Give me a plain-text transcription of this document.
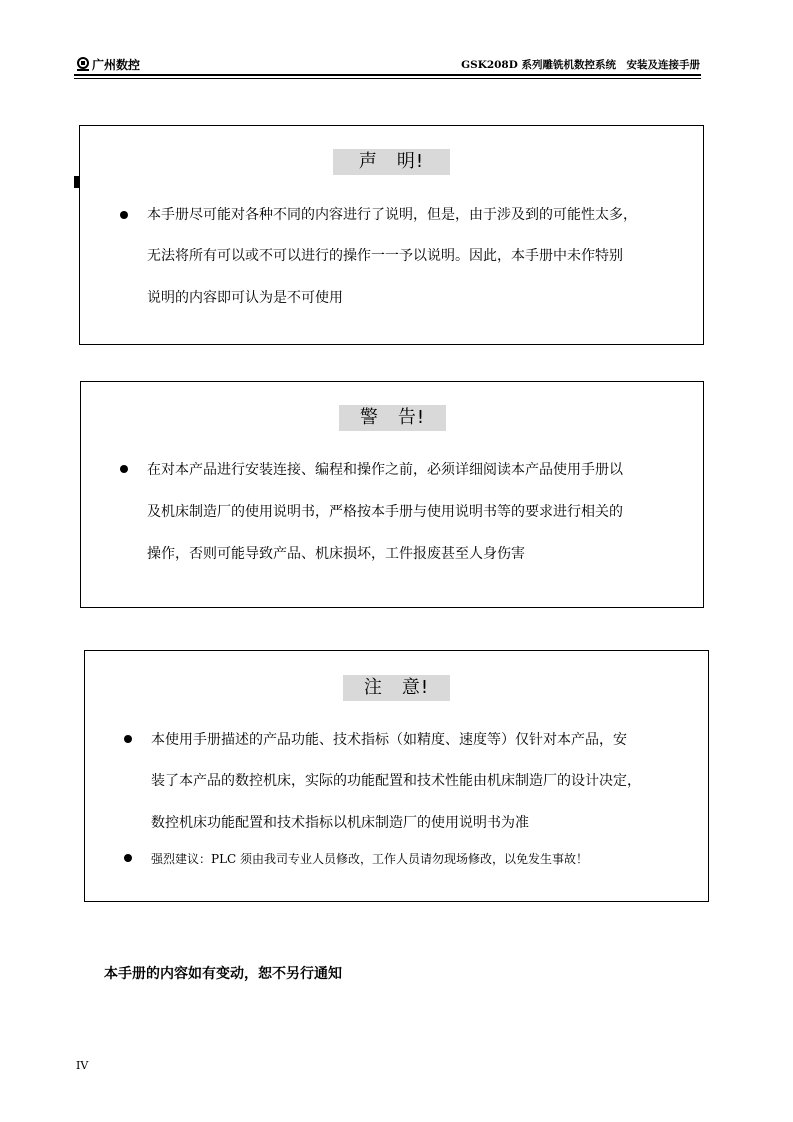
广州数控	GSK208D 系列雕铣机数控系统　安装及连接手册
声　明!
本手册尽可能对各种不同的内容进行了说明，但是，由于涉及到的可能性太多，
无法将所有可以或不可以进行的操作一一予以说明。因此，本手册中未作特别
说明的内容即可认为是不可使用
警　告!
在对本产品进行安装连接、编程和操作之前，必须详细阅读本产品使用手册以
及机床制造厂的使用说明书，严格按本手册与使用说明书等的要求进行相关的
操作，否则可能导致产品、机床损坏，工件报废甚至人身伤害
注　意!
本使用手册描述的产品功能、技术指标（如精度、速度等）仅针对本产品，安
装了本产品的数控机床，实际的功能配置和技术性能由机床制造厂的设计决定，
数控机床功能配置和技术指标以机床制造厂的使用说明书为准
强烈建议：PLC 须由我司专业人员修改，工作人员请勿现场修改，以免发生事故！
本手册的内容如有变动，恕不另行通知
IV
